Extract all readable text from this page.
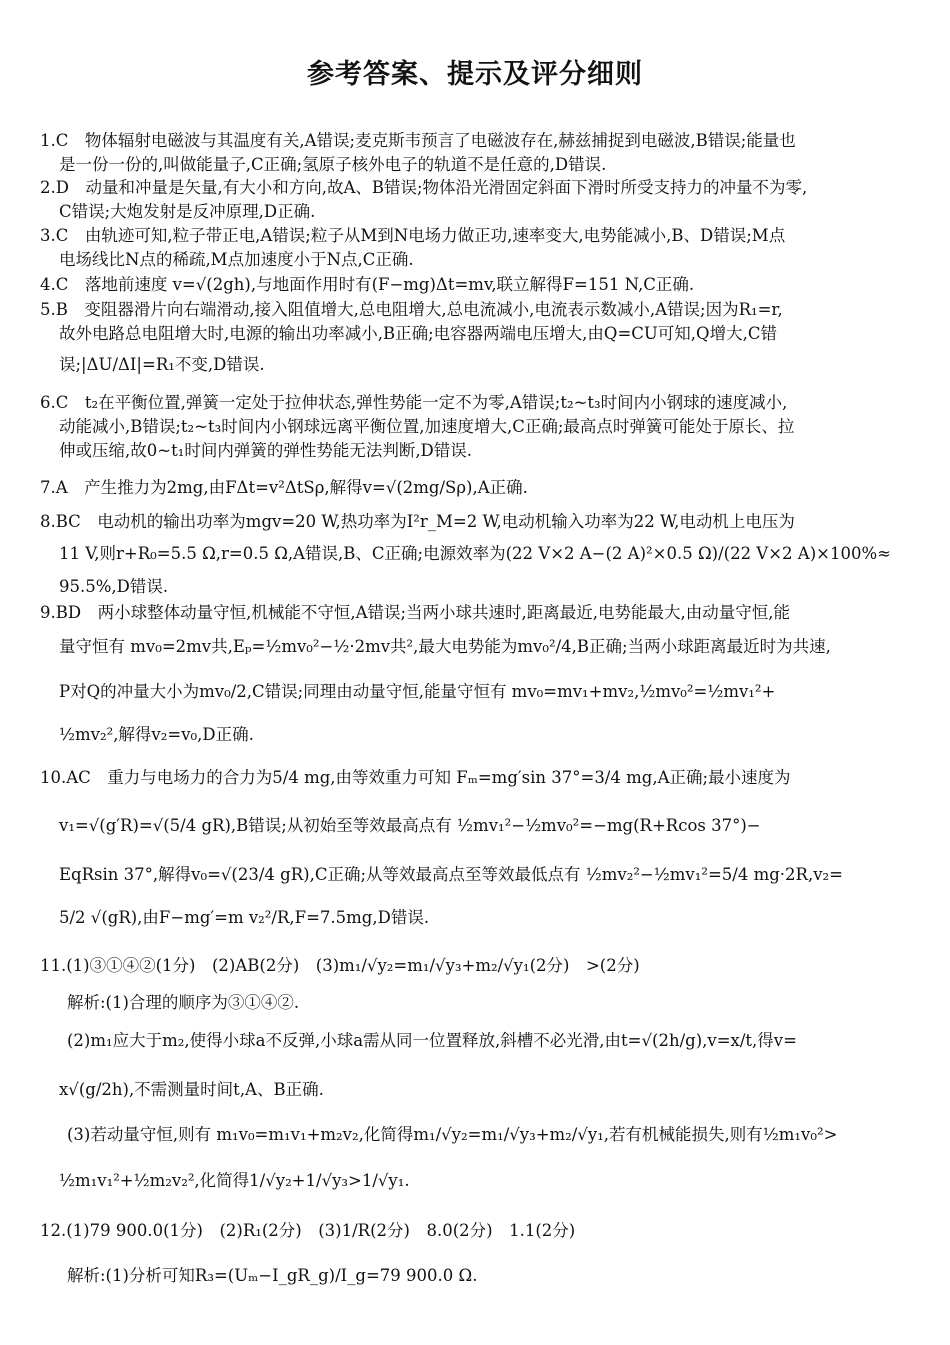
参考答案、提示及评分细则
1.C　物体辐射电磁波与其温度有关,A错误;麦克斯韦预言了电磁波存在,赫兹捕捉到电磁波,B错误;能量也
是一份一份的,叫做能量子,C正确;氢原子核外电子的轨道不是任意的,D错误.
2.D　动量和冲量是矢量,有大小和方向,故A、B错误;物体沿光滑固定斜面下滑时所受支持力的冲量不为零,
C错误;大炮发射是反冲原理,D正确.
3.C　由轨迹可知,粒子带正电,A错误;粒子从M到N电场力做正功,速率变大,电势能减小,B、D错误;M点
电场线比N点的稀疏,M点加速度小于N点,C正确.
4.C　落地前速度 v=√(2gh),与地面作用时有(F−mg)Δt=mv,联立解得F=151 N,C正确.
5.B　变阻器滑片向右端滑动,接入阻值增大,总电阻增大,总电流减小,电流表示数减小,A错误;因为R₁=r,
故外电路总电阻增大时,电源的输出功率减小,B正确;电容器两端电压增大,由Q=CU可知,Q增大,C错
误;|ΔU/ΔI|=R₁不变,D错误.
6.C　t₂在平衡位置,弹簧一定处于拉伸状态,弹性势能一定不为零,A错误;t₂~t₃时间内小钢球的速度减小,
动能减小,B错误;t₂~t₃时间内小钢球远离平衡位置,加速度增大,C正确;最高点时弹簧可能处于原长、拉
伸或压缩,故0~t₁时间内弹簧的弹性势能无法判断,D错误.
7.A　产生推力为2mg,由FΔt=v²ΔtSρ,解得v=√(2mg/Sρ),A正确.
8.BC　电动机的输出功率为mgv=20 W,热功率为I²r_M=2 W,电动机输入功率为22 W,电动机上电压为
11 V,则r+R₀=5.5 Ω,r=0.5 Ω,A错误,B、C正确;电源效率为(22 V×2 A−(2 A)²×0.5 Ω)/(22 V×2 A)×100%≈
95.5%,D错误.
9.BD　两小球整体动量守恒,机械能不守恒,A错误;当两小球共速时,距离最近,电势能最大,由动量守恒,能
量守恒有 mv₀=2mv共,Eₚ=½mv₀²−½·2mv共²,最大电势能为mv₀²/4,B正确;当两小球距离最近时为共速,
P对Q的冲量大小为mv₀/2,C错误;同理由动量守恒,能量守恒有 mv₀=mv₁+mv₂,½mv₀²=½mv₁²+
½mv₂²,解得v₂=v₀,D正确.
10.AC　重力与电场力的合力为5/4 mg,由等效重力可知 Fₘ=mg′sin 37°=3/4 mg,A正确;最小速度为
v₁=√(g′R)=√(5/4 gR),B错误;从初始至等效最高点有 ½mv₁²−½mv₀²=−mg(R+Rcos 37°)−
EqRsin 37°,解得v₀=√(23/4 gR),C正确;从等效最高点至等效最低点有 ½mv₂²−½mv₁²=5/4 mg·2R,v₂=
5/2 √(gR),由F−mg′=m v₂²/R,F=7.5mg,D错误.
11.(1)③①④②(1分)　(2)AB(2分)　(3)m₁/√y₂=m₁/√y₃+m₂/√y₁(2分)　>(2分)
解析:(1)合理的顺序为③①④②.
(2)m₁应大于m₂,使得小球a不反弹,小球a需从同一位置释放,斜槽不必光滑,由t=√(2h/g),v=x/t,得v=
x√(g/2h),不需测量时间t,A、B正确.
(3)若动量守恒,则有 m₁v₀=m₁v₁+m₂v₂,化简得m₁/√y₂=m₁/√y₃+m₂/√y₁,若有机械能损失,则有½m₁v₀²>
½m₁v₁²+½m₂v₂²,化简得1/√y₂+1/√y₃>1/√y₁.
12.(1)79 900.0(1分)　(2)R₁(2分)　(3)1/R(2分)　8.0(2分)　1.1(2分)
解析:(1)分析可知R₃=(Uₘ−I_gR_g)/I_g=79 900.0 Ω.
